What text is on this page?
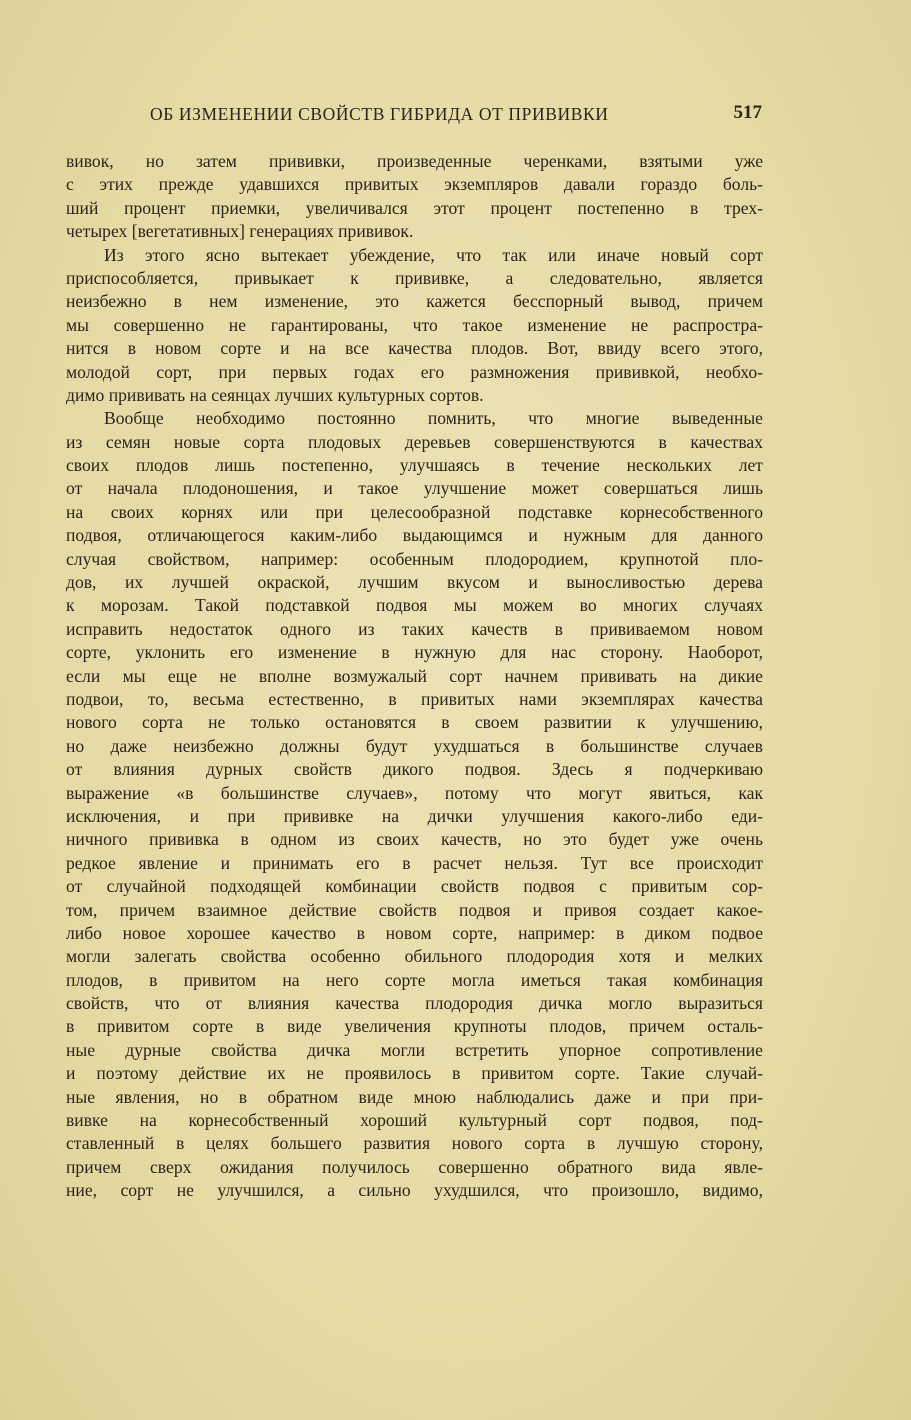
ОБ ИЗМЕНЕНИИ СВОЙСТВ ГИБРИДА ОТ ПРИВИВКИ	517
вивок, но затем прививки, произведенные черенками, взятыми уже
с этих прежде удавшихся привитых экземпляров давали гораздо боль-
ший процент приемки, увеличивался этот процент постепенно в трех-
четырех [вегетативных] генерациях прививок.
Из этого ясно вытекает убеждение, что так или иначе новый сорт
приспособляется, привыкает к прививке, а следовательно, является
неизбежно в нем изменение, это кажется бесспорный вывод, причем
мы совершенно не гарантированы, что такое изменение не распростра-
нится в новом сорте и на все качества плодов. Вот, ввиду всего этого,
молодой сорт, при первых годах его размножения прививкой, необхо-
димо прививать на сеянцах лучших культурных сортов.
Вообще необходимо постоянно помнить, что многие выведенные
из семян новые сорта плодовых деревьев совершенствуются в качествах
своих плодов лишь постепенно, улучшаясь в течение нескольких лет
от начала плодоношения, и такое улучшение может совершаться лишь
на своих корнях или при целесообразной подставке корнесобственного
подвоя, отличающегося каким-либо выдающимся и нужным для данного
случая свойством, например: особенным плодородием, крупнотой пло-
дов, их лучшей окраской, лучшим вкусом и выносливостью дерева
к морозам. Такой подставкой подвоя мы можем во многих случаях
исправить недостаток одного из таких качеств в прививаемом новом
сорте, уклонить его изменение в нужную для нас сторону. Наоборот,
если мы еще не вполне возмужалый сорт начнем прививать на дикие
подвои, то, весьма естественно, в привитых нами экземплярах качества
нового сорта не только остановятся в своем развитии к улучшению,
но даже неизбежно должны будут ухудшаться в большинстве случаев
от влияния дурных свойств дикого подвоя. Здесь я подчеркиваю
выражение «в большинстве случаев», потому что могут явиться, как
исключения, и при прививке на дички улучшения какого-либо еди-
ничного прививка в одном из своих качеств, но это будет уже очень
редкое явление и принимать его в расчет нельзя. Тут все происходит
от случайной подходящей комбинации свойств подвоя с привитым сор-
том, причем взаимное действие свойств подвоя и привоя создает какое-
либо новое хорошее качество в новом сорте, например: в диком подвое
могли залегать свойства особенно обильного плодородия хотя и мелких
плодов, в привитом на него сорте могла иметься такая комбинация
свойств, что от влияния качества плодородия дичка могло выразиться
в привитом сорте в виде увеличения крупноты плодов, причем осталь-
ные дурные свойства дичка могли встретить упорное сопротивление
и поэтому действие их не проявилось в привитом сорте. Такие случай-
ные явления, но в обратном виде мною наблюдались даже и при при-
вивке на корнесобственный хороший культурный сорт подвоя, под-
ставленный в целях большего развития нового сорта в лучшую сторону,
причем сверх ожидания получилось совершенно обратного вида явле-
ние, сорт не улучшился, а сильно ухудшился, что произошло, видимо,
